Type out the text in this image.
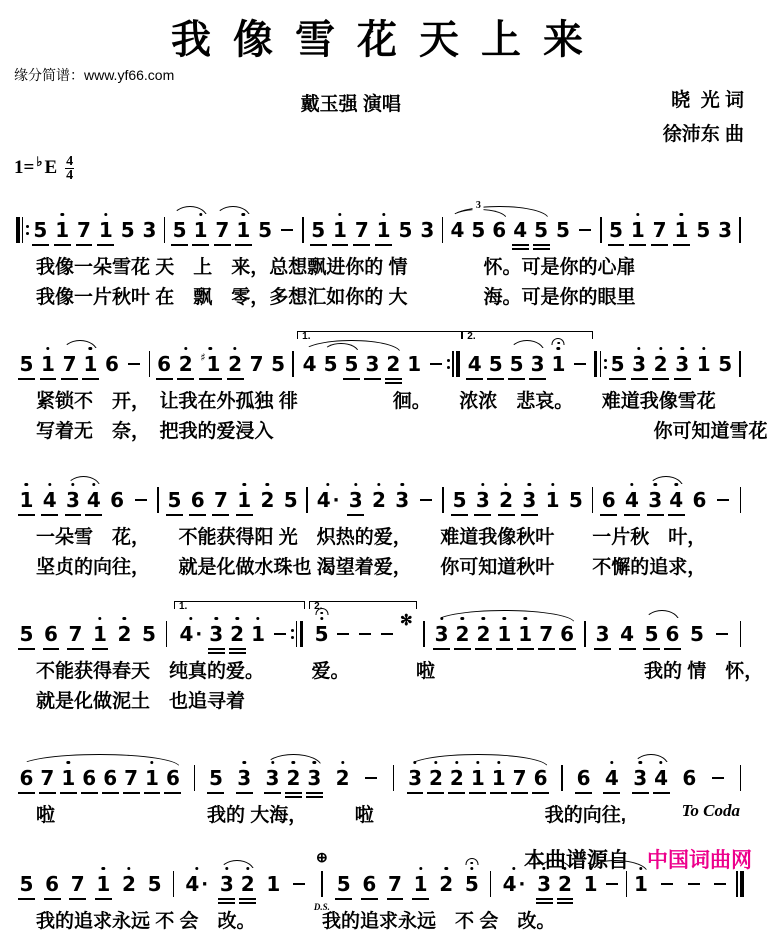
我 像 雪 花 天 上 来
缘分简谱：www.yf66.com
戴玉强 演唱	晓  光 词
徐沛东 曲
1= ♭ E $\frac{4}{4}$
5 1 7 1 5 3 5 1 7 1 5 5 1 7 1 5 3 4 5 6
3 4 5 5 5 1 7 1 5 3
我像一朵雪花 天　上　来，总想飘进你的 情　　　　怀。可是你的心扉
我像一片秋叶 在　飘　零，多想汇如你的 大　　　　海。可是你的眼里
5 1 7 1 6 6 2 ♯ 1 2 7 5 4 5 5 3 2 1
1. 4 5 5 3 1
2. 5 3 2 3 1 5
紧锁不　开，　让我在外孤独 徘　　　　　徊。　　浓浓　悲哀。　　难道我像雪花
写着无　奈，　把我的爱浸入　　　　　　　　　　　　　　　　　　　　你可知道雪花
1 4 3 4 6 5 6 7 1 2 5 4 · 3 2 3 5 3 2 3 1 5 6 4 3 4 6
一朵雪　花，　　不能获得阳 光　炽热的爱，　　难道我像秋叶　　一片秋　叶，
坚贞的向往，　　就是化做水珠也 渴望着爱，　　你可知道秋叶　　不懈的追求，
5 6 7 1 2 5 4 · 3 2 1
1. 5
✻
2.
3 2 2 1 1 7 6 3 4 5 6 5
不能获得春天　纯真的爱。　　　爱。　　　　啦　　　　　　　　　　　我的 情　怀，
就是化做泥土　也追寻着
6 7 1 6 6 7 1 6 5 3 3 2 3 2	3 2 2 1 1 7 6 6 4 3 4 6
啦　　　　　　　　我的 大海，　　　啦　　　　　　　　　我的向往,	To Coda
5 6 7 1 2 5 4 · 3 2 1
⊕
D.S.
5 6 7 1 2 5 4 · 3 2 1 1
我的追求永远 不 会　改。　　　　我的追求永远　不 会　改。
本曲谱源自 中国词曲网
